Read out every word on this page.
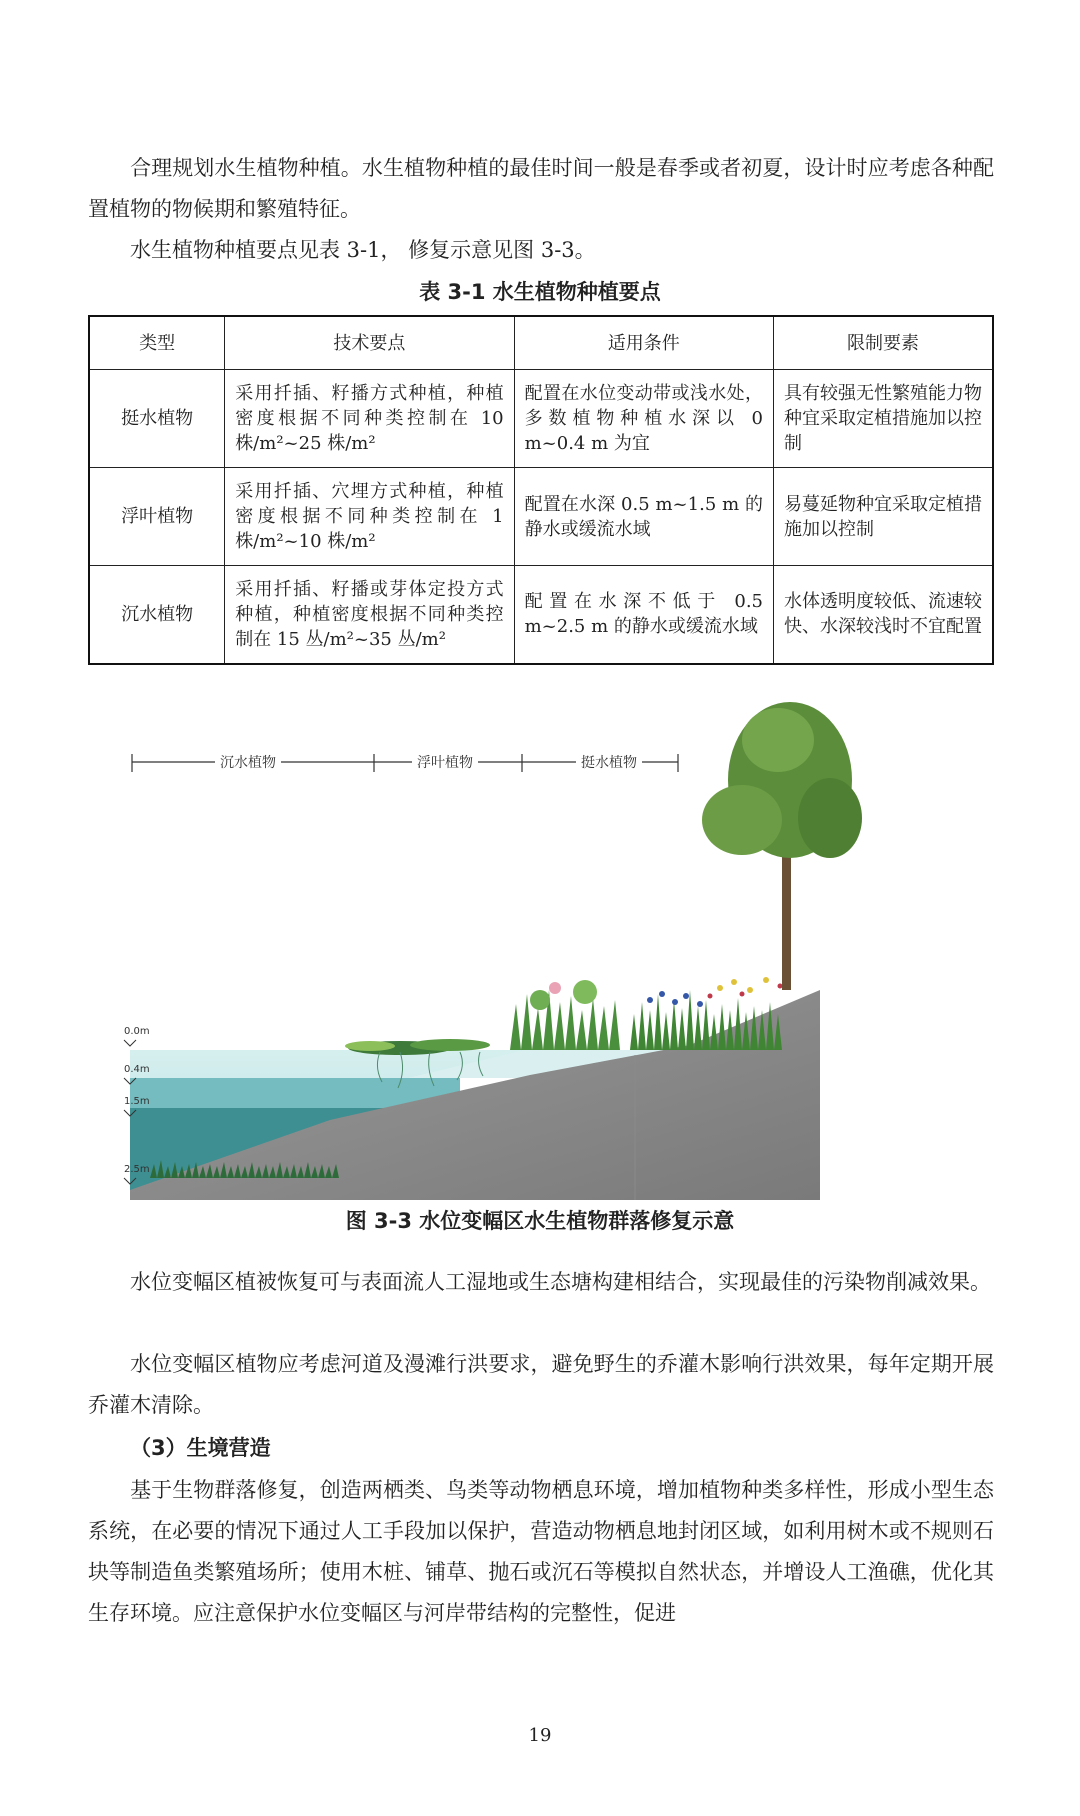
合理规划水生植物种植。水生植物种植的最佳时间一般是春季或者初夏，设计时应考虑各种配置植物的物候期和繁殖特征。

水生植物种植要点见表 3-1， 修复示意见图 3-3。

表 3-1 水生植物种植要点
类型	技术要点	适用条件	限制要素
挺水植物	采用扦插、籽播方式种植，种植密度根据不同种类控制在 10 株/m²~25 株/m²	配置在水位变动带或浅水处，多数植物种植水深以 0 m~0.4 m 为宜	具有较强无性繁殖能力物种宜采取定植措施加以控制
浮叶植物	采用扦插、穴埋方式种植，种植密度根据不同种类控制在 1 株/m²~10 株/m²	配置在水深 0.5 m~1.5 m 的静水或缓流水域	易蔓延物种宜采取定植措施加以控制
沉水植物	采用扦插、籽播或芽体定投方式种植，种植密度根据不同种类控制在 15 丛/m²~35 丛/m²	配置在水深不低于 0.5 m~2.5 m 的静水或缓流水域	水体透明度较低、流速较快、水深较浅时不宜配置
沉水植物	浮叶植物	挺水植物
0.0m
0.4m
1.5m
2.5m
图 3-3 水位变幅区水生植物群落修复示意

水位变幅区植被恢复可与表面流人工湿地或生态塘构建相结合，实现最佳的污染物削减效果。

水位变幅区植物应考虑河道及漫滩行洪要求，避免野生的乔灌木影响行洪效果，每年定期开展乔灌木清除。

（3）生境营造

基于生物群落修复，创造两栖类、鸟类等动物栖息环境，增加植物种类多样性，形成小型生态系统，在必要的情况下通过人工手段加以保护，营造动物栖息地封闭区域，如利用树木或不规则石块等制造鱼类繁殖场所；使用木桩、铺草、抛石或沉石等模拟自然状态，并增设人工渔礁，优化其生存环境。应注意保护水位变幅区与河岸带结构的完整性，促进

19
